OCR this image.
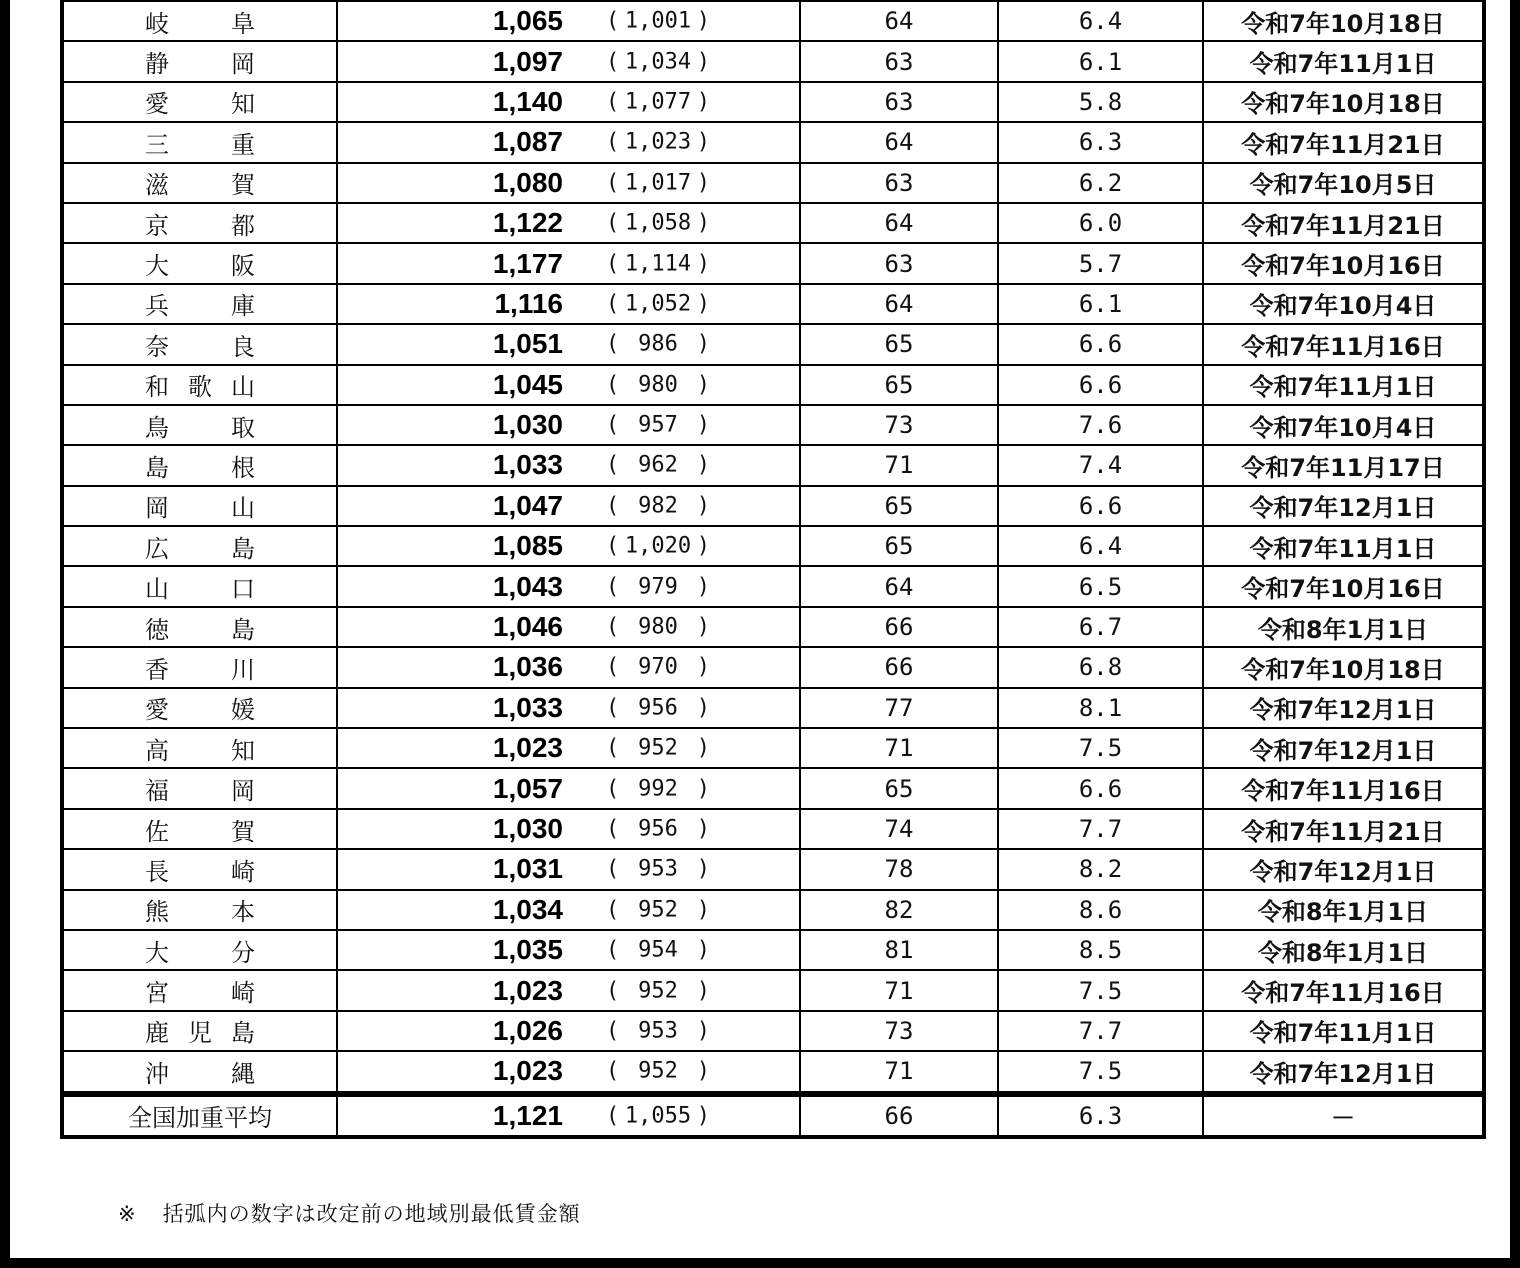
岐　阜	1,065 ( 1,001 )	64	6.4	令和7年10月18日
静　岡	1,097 ( 1,034 )	63	6.1	令和7年11月1日
愛　知	1,140 ( 1,077 )	63	5.8	令和7年10月18日
三　重	1,087 ( 1,023 )	64	6.3	令和7年11月21日
滋　賀	1,080 ( 1,017 )	63	6.2	令和7年10月5日
京　都	1,122 ( 1,058 )	64	6.0	令和7年11月21日
大　阪	1,177 ( 1,114 )	63	5.7	令和7年10月16日
兵　庫	1,116 ( 1,052 )	64	6.1	令和7年10月4日
奈　良	1,051 ( 986 )	65	6.6	令和7年11月16日
和歌山	1,045 ( 980 )	65	6.6	令和7年11月1日
鳥　取	1,030 ( 957 )	73	7.6	令和7年10月4日
島　根	1,033 ( 962 )	71	7.4	令和7年11月17日
岡　山	1,047 ( 982 )	65	6.6	令和7年12月1日
広　島	1,085 ( 1,020 )	65	6.4	令和7年11月1日
山　口	1,043 ( 979 )	64	6.5	令和7年10月16日
徳　島	1,046 ( 980 )	66	6.7	令和8年1月1日
香　川	1,036 ( 970 )	66	6.8	令和7年10月18日
愛　媛	1,033 ( 956 )	77	8.1	令和7年12月1日
高　知	1,023 ( 952 )	71	7.5	令和7年12月1日
福　岡	1,057 ( 992 )	65	6.6	令和7年11月16日
佐　賀	1,030 ( 956 )	74	7.7	令和7年11月21日
長　崎	1,031 ( 953 )	78	8.2	令和7年12月1日
熊　本	1,034 ( 952 )	82	8.6	令和8年1月1日
大　分	1,035 ( 954 )	81	8.5	令和8年1月1日
宮　崎	1,023 ( 952 )	71	7.5	令和7年11月16日
鹿児島	1,026 ( 953 )	73	7.7	令和7年11月1日
沖　縄	1,023 ( 952 )	71	7.5	令和7年12月1日
全国加重平均	1,121 ( 1,055 )	66	6.3	－
※ 括弧内の数字は改定前の地域別最低賃金額
